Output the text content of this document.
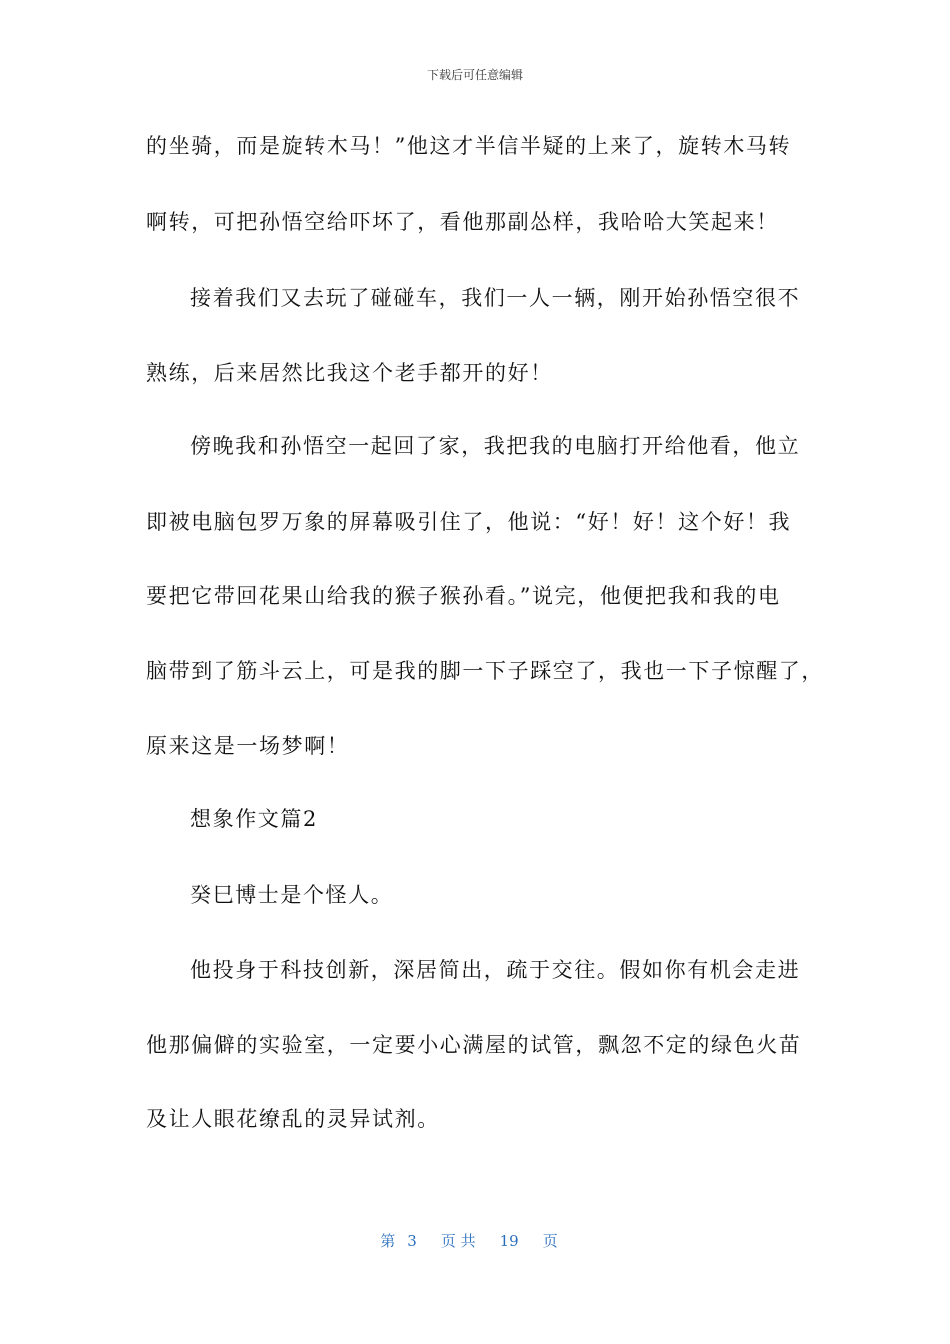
下载后可任意编辑
的坐骑，而是旋转木马！”他这才半信半疑的上来了，旋转木马转
啊转，可把孙悟空给吓坏了，看他那副怂样，我哈哈大笑起来！
接着我们又去玩了碰碰车，我们一人一辆，刚开始孙悟空很不
熟练，后来居然比我这个老手都开的好！
傍晚我和孙悟空一起回了家，我把我的电脑打开给他看，他立
即被电脑包罗万象的屏幕吸引住了，他说：“好！好！这个好！我
要把它带回花果山给我的猴子猴孙看。”说完，他便把我和我的电
脑带到了筋斗云上，可是我的脚一下子踩空了，我也一下子惊醒了，
原来这是一场梦啊！
想象作文篇2
癸巳博士是个怪人。
他投身于科技创新，深居简出，疏于交往。假如你有机会走进
他那偏僻的实验室，一定要小心满屋的试管，飘忽不定的绿色火苗
及让人眼花缭乱的灵异试剂。
第 3 页 共 19 页
